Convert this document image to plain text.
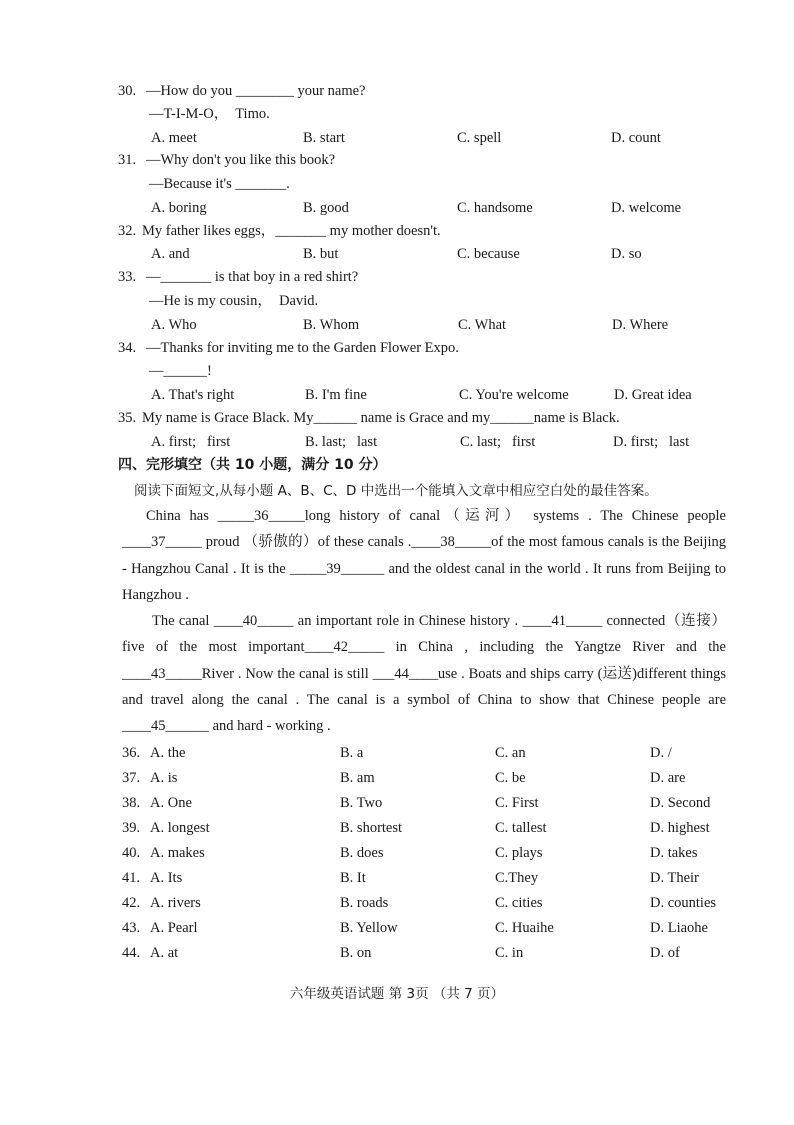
30. —How do you ________ your name?
—T-I-M-O，  Timo.
A. meet	B. start	C. spell	D. count
31. —Why don't you like this book?
—Because it's _______.
A. boring	B. good	C. handsome	D. welcome
32. My father likes eggs，_______ my mother doesn't.
A. and	B. but	C. because	D. so
33. —_______ is that boy in a red shirt?
—He is my cousin，  David.
A. Who	B. Whom	C. What	D. Where
34. —Thanks for inviting me to the Garden Flower Expo.
—______!
A. That's right	B. I'm fine	C. You're welcome	D. Great idea
35. My name is Grace Black. My______ name is Grace and my______name is Black.
A. first;   first	B. last;   last	C. last;   first	D. first;   last
四、完形填空（共 10 小题，满分 10 分）
阅读下面短文,从每小题 A、B、C、D 中选出一个能填入文章中相应空白处的最佳答案。
China has _____36_____long history of canal（运河） systems . The Chinese people ____37_____ proud （骄傲的）of these canals .____38_____of the most famous canals is the Beijing - Hangzhou Canal . It is the _____39______ and the oldest canal in the world . It runs from Beijing to Hangzhou .
The canal ____40_____ an important role in Chinese history . ____41_____ connected（连接） five of the most important____42_____ in China , including the Yangtze River and the ____43_____River . Now the canal is still ___44____use . Boats and ships carry (运送)different things and travel along the canal . The canal is a symbol of China to show that Chinese people are ____45______ and hard - working .
36. A. the	B. a	C. an	D. /
37. A. is	B. am	C. be	D. are
38. A. One	B. Two	C. First	D. Second
39. A. longest	B. shortest	C. tallest	D. highest
40. A. makes	B. does	C. plays	D. takes
41. A. Its	B. It	C.They	D. Their
42. A. rivers	B. roads	C. cities	D. counties
43. A. Pearl	B. Yellow	C. Huaihe	D. Liaohe
44. A. at	B. on	C. in	D. of
六年级英语试题 第 3页 （共 7 页）
